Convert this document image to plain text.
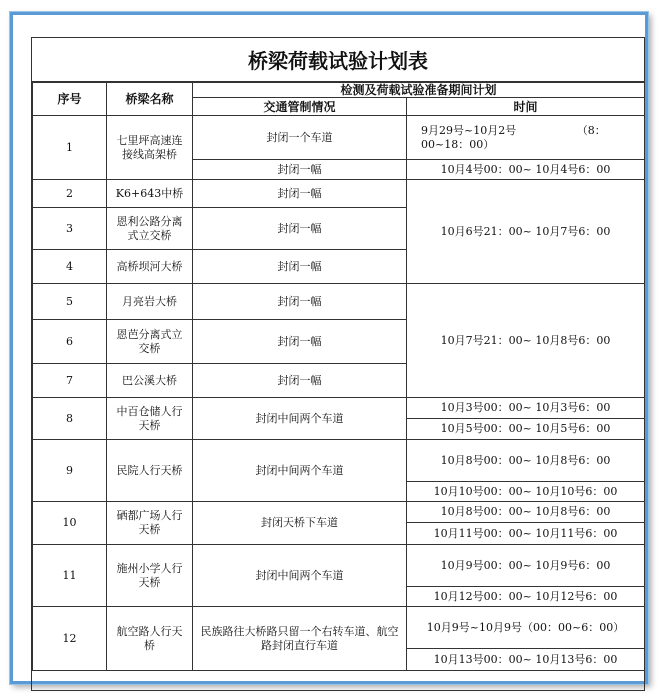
桥梁荷载试验计划表
序号	桥梁名称	检测及荷载试验准备期间计划	
		交通管制情况	时间
1	七里坪高速连接线高架桥	封闭一个车道	9月29号~10月2号　　　　　　（8：00~18：00）
		封闭一幅	10月4号00：00~ 10月4号6：00
2	K6+643中桥	封闭一幅	10月6号21：00~ 10月7号6：00
3	恩利公路分离式立交桥	封闭一幅	
4	高桥坝河大桥	封闭一幅	
5	月亮岩大桥	封闭一幅	10月7号21：00~ 10月8号6：00
6	恩芭分离式立交桥	封闭一幅	
7	巴公溪大桥	封闭一幅	
8	中百仓储人行天桥	封闭中间两个车道	10月3号00：00~ 10月3号6：00
			10月5号00：00~ 10月5号6：00
9	民院人行天桥	封闭中间两个车道	10月8号00：00~ 10月8号6：00
			10月10号00：00~ 10月10号6：00
10	硒都广场人行天桥	封闭天桥下车道	10月8号00：00~ 10月8号6：00
			10月11号00：00~ 10月11号6：00
11	施州小学人行天桥	封闭中间两个车道	10月9号00：00~ 10月9号6：00
			10月12号00：00~ 10月12号6：00
12	航空路人行天桥	民族路往大桥路只留一个右转车道、航空路封闭直行车道	10月9号~10月9号（00：00~6：00）
			10月13号00：00~ 10月13号6：00
